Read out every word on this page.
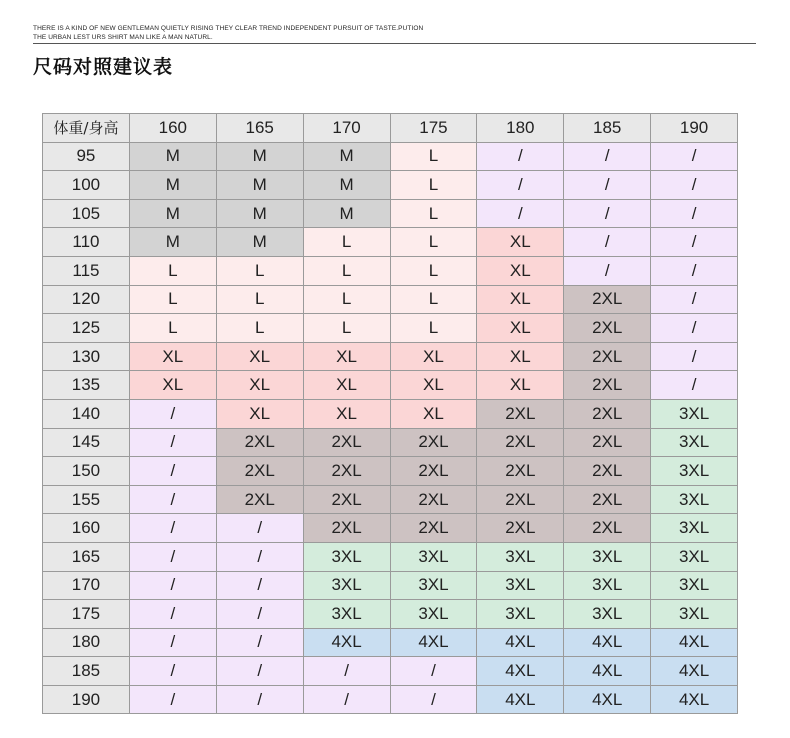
THERE IS A KIND OF NEW GENTLEMAN QUIETLY RISING THEY CLEAR TREND INDEPENDENT PURSUIT OF TASTE.PUTION
THE URBAN LEST URS SHIRT MAN LIKE A MAN NATURL.
尺码对照建议表
体重/身高	160	165	170	175	180	185	190
95	M	M	M	L	/	/	/
100	M	M	M	L	/	/	/
105	M	M	M	L	/	/	/
110	M	M	L	L	XL	/	/
115	L	L	L	L	XL	/	/
120	L	L	L	L	XL	2XL	/
125	L	L	L	L	XL	2XL	/
130	XL	XL	XL	XL	XL	2XL	/
135	XL	XL	XL	XL	XL	2XL	/
140	/	XL	XL	XL	2XL	2XL	3XL
145	/	2XL	2XL	2XL	2XL	2XL	3XL
150	/	2XL	2XL	2XL	2XL	2XL	3XL
155	/	2XL	2XL	2XL	2XL	2XL	3XL
160	/	/	2XL	2XL	2XL	2XL	3XL
165	/	/	3XL	3XL	3XL	3XL	3XL
170	/	/	3XL	3XL	3XL	3XL	3XL
175	/	/	3XL	3XL	3XL	3XL	3XL
180	/	/	4XL	4XL	4XL	4XL	4XL
185	/	/	/	/	4XL	4XL	4XL
190	/	/	/	/	4XL	4XL	4XL
